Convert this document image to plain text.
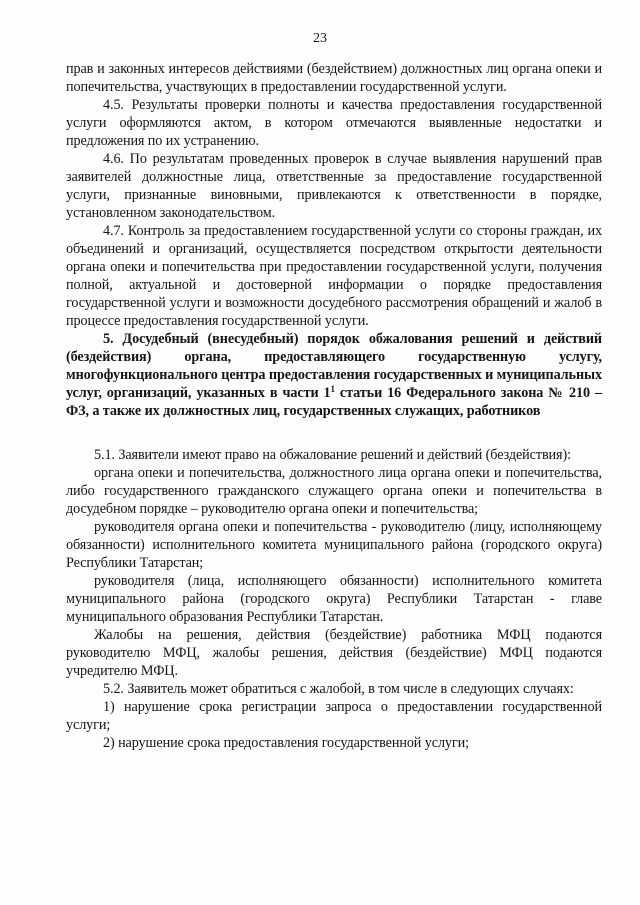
23

прав и законных интересов действиями (бездействием) должностных лиц органа опеки и попечительства, участвующих в предоставлении государственной услуги.

4.5. Результаты проверки полноты и качества предоставления государственной услуги оформляются актом, в котором отмечаются выявленные недостатки и предложения по их устранению.

4.6. По результатам проведенных проверок в случае выявления нарушений прав заявителей должностные лица, ответственные за предоставление государственной услуги, признанные виновными, привлекаются к ответственности в порядке, установленном законодательством.

4.7. Контроль за предоставлением государственной услуги со стороны граждан, их объединений и организаций, осуществляется посредством открытости деятельности органа опеки и попечительства при предоставлении государственной услуги, получения полной, актуальной и достоверной информации о порядке предоставления государственной услуги и возможности досудебного рассмотрения обращений и жалоб в процессе предоставления государственной услуги.

5. Досудебный (внесудебный) порядок обжалования решений и действий (бездействия) органа, предоставляющего государственную услугу, многофункционального центра предоставления государственных и муниципальных услуг, организаций, указанных в части $1^1$ статьи 16 Федерального закона № 210 – ФЗ, а также их должностных лиц, государственных служащих, работников

5.1. Заявители имеют право на обжалование решений и действий (бездействия):

органа опеки и попечительства, должностного лица органа опеки и попечительства, либо государственного гражданского служащего органа опеки и попечительства в досудебном порядке – руководителю органа опеки и попечительства;

руководителя органа опеки и попечительства - руководителю (лицу, исполняющему обязанности) исполнительного комитета муниципального района (городского округа) Республики Татарстан;

руководителя (лица, исполняющего обязанности) исполнительного комитета муниципального района (городского округа) Республики Татарстан - главе муниципального образования Республики Татарстан.

Жалобы на решения, действия (бездействие) работника МФЦ подаются руководителю МФЦ, жалобы решения, действия (бездействие) МФЦ подаются учредителю МФЦ.

5.2. Заявитель может обратиться с жалобой, в том числе в следующих случаях:

1) нарушение срока регистрации запроса о предоставлении государственной услуги;

2) нарушение срока предоставления государственной услуги;
